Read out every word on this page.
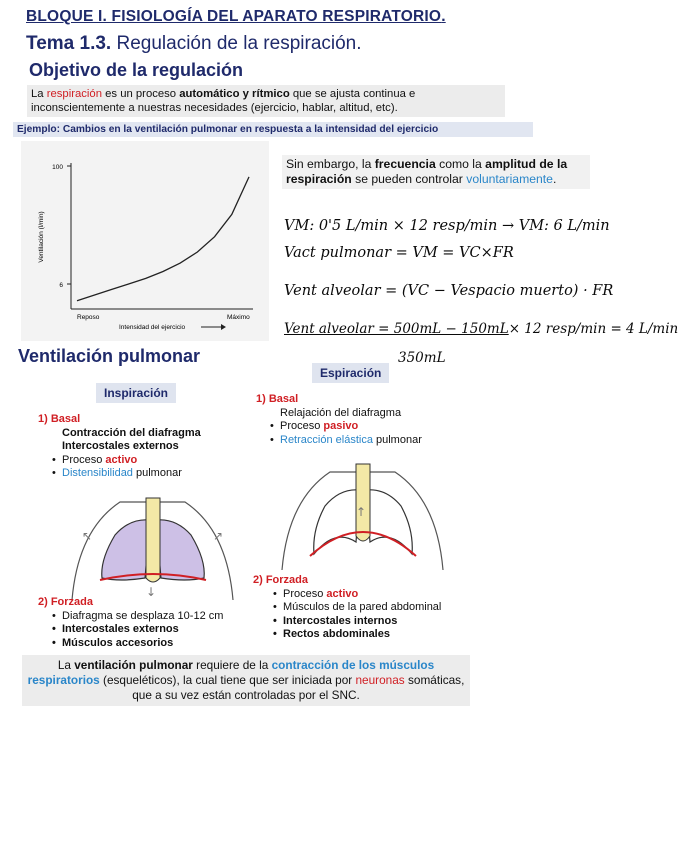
BLOQUE I. FISIOLOGÍA DEL APARATO RESPIRATORIO.
Tema 1.3. Regulación de la respiración.
Objetivo de la regulación
La respiración es un proceso automático y rítmico que se ajusta continua e inconscientemente a nuestras necesidades (ejercicio, hablar, altitud, etc).
Ejemplo: Cambios en la ventilación pulmonar en respuesta a la intensidad del ejercicio
100
6
Ventilación (l/min)
Reposo	Máximo
Intensidad del ejercicio
Sin embargo, la frecuencia como la amplitud de la respiración se pueden controlar voluntariamente.
VM: 0'5 L/min × 12 resp/min → VM: 6 L/min
Vact pulmonar = VM = VC×FR
Vent alveolar = (VC − Vespacio muerto) · FR
Vent alveolar = 500mL − 150mL× 12 resp/min = 4 L/min
350mL
Ventilación pulmonar
Inspiración
Espiración
1) Basal
Contracción del diafragma
Intercostales externos
• Proceso activo
• Distensibilidad pulmonar
1) Basal
Relajación del diafragma
• Proceso pasivo
• Retracción elástica pulmonar
↓
↖	↗
↑
2) Forzada
• Diafragma se desplaza 10-12 cm
• Intercostales externos
• Músculos accesorios
2) Forzada
• Proceso activo
• Músculos de la pared abdominal
• Intercostales internos
• Rectos abdominales
La ventilación pulmonar requiere de la contracción de los músculos respiratorios (esqueléticos), la cual tiene que ser iniciada por neuronas somáticas, que a su vez están controladas por el SNC.
